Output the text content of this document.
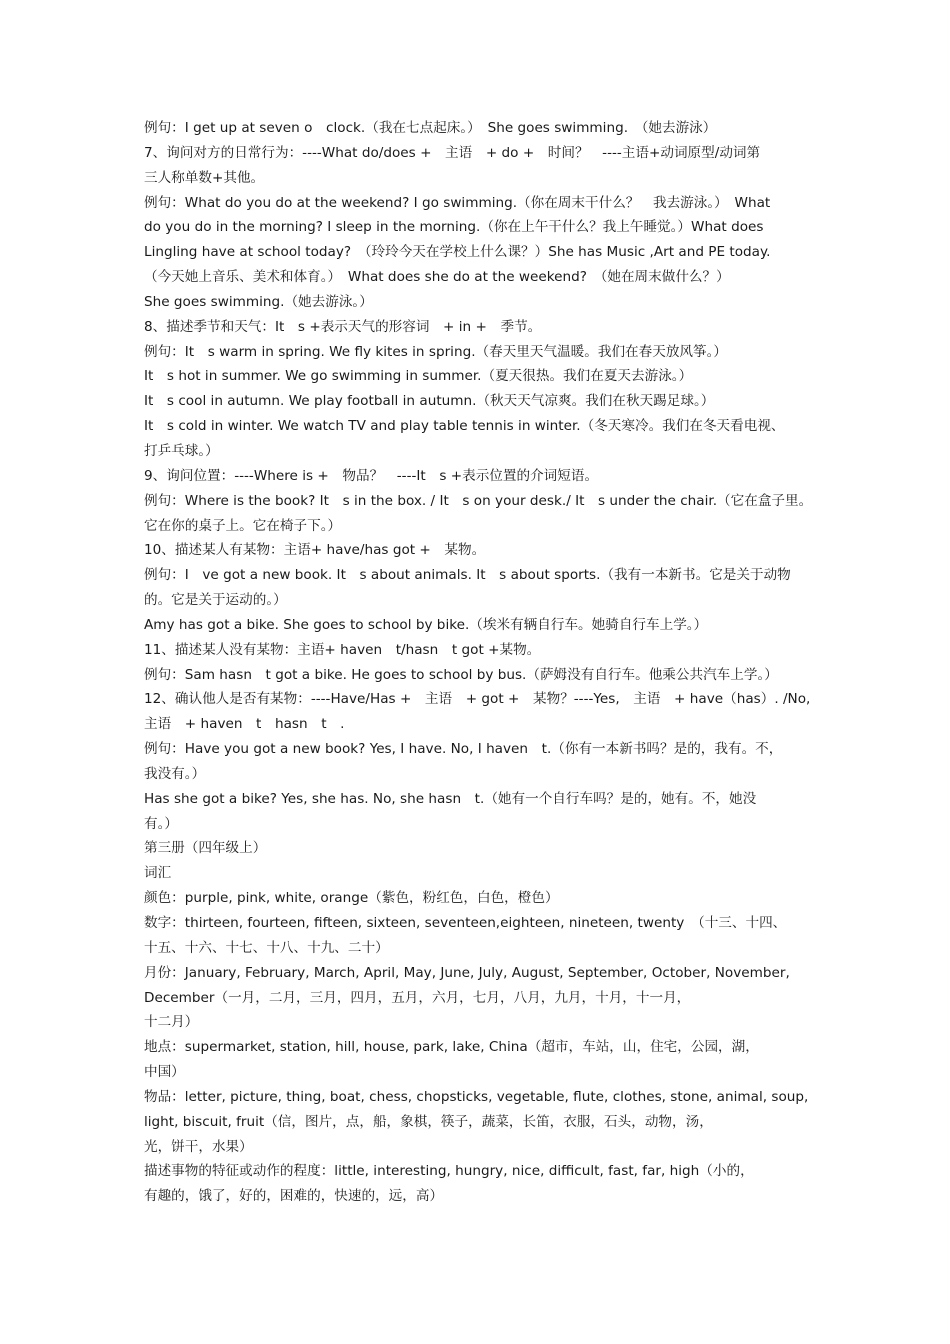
例句：I get up at seven o　clock.（我在七点起床。）　She goes swimming.　（她去游泳）
7、询问对方的日常行为：----What do/does +　主语　+ do +　时间？　----主语+动词原型/动词第
三人称单数+其他。
例句：What do you do at the weekend? I go swimming.（你在周末干什么？　我去游泳。）　What
do you do in the morning? I sleep in the morning.（你在上午干什么？我上午睡觉。）What does
Lingling have at school today?　（玲玲今天在学校上什么课？）She has Music ,Art and PE today.
（今天她上音乐、美术和体育。）　What does she do at the weekend?　（她在周末做什么？）
She goes swimming.（她去游泳。）
8、描述季节和天气：It　s +表示天气的形容词　+ in +　季节。
例句：It　s warm in spring. We fly kites in spring.（春天里天气温暖。我们在春天放风筝。）
It　s hot in summer. We go swimming in summer.（夏天很热。我们在夏天去游泳。）
It　s cool in autumn. We play football in autumn.（秋天天气凉爽。我们在秋天踢足球。）
It　s cold in winter. We watch TV and play table tennis in winter.（冬天寒冷。我们在冬天看电视、
打乒乓球。）
9、询问位置：----Where is +　物品？　----It　s +表示位置的介词短语。
例句：Where is the book? It　s in the box. / It　s on your desk./ It　s under the chair.（它在盒子里。
它在你的桌子上。它在椅子下。）
10、描述某人有某物：主语+ have/has got +　某物。
例句：I　ve got a new book. It　s about animals. It　s about sports.（我有一本新书。它是关于动物
的。它是关于运动的。）
Amy has got a bike. She goes to school by bike.（埃米有辆自行车。她骑自行车上学。）
11、描述某人没有某物：主语+ haven　t/hasn　t got +某物。
例句：Sam hasn　t got a bike. He goes to school by bus.（萨姆没有自行车。他乘公共汽车上学。）
12、确认他人是否有某物：----Have/Has +　主语　+ got +　某物？----Yes,　主语　+ have（has）. /No,
主语　+ haven　t　hasn　t　.
例句：Have you got a new book? Yes, I have. No, I haven　t.（你有一本新书吗？是的，我有。不，
我没有。）
Has she got a bike? Yes, she has. No, she hasn　t.（她有一个自行车吗？是的，她有。不，她没
有。）
第三册（四年级上）
词汇
颜色：purple, pink, white, orange（紫色，粉红色，白色，橙色）
数字：thirteen, fourteen, fifteen, sixteen, seventeen,eighteen, nineteen, twenty　（十三、十四、
十五、十六、十七、十八、十九、二十）
月份：January, February, March, April, May, June, July, August, September, October, November,
December（一月，二月，三月，四月，五月，六月，七月，八月，九月，十月，十一月，
十二月）
地点：supermarket, station, hill, house, park, lake, China（超市，车站，山，住宅，公园，湖，
中国）
物品：letter, picture, thing, boat, chess, chopsticks, vegetable, flute, clothes, stone, animal, soup,
light, biscuit, fruit（信，图片，点，船，象棋，筷子，蔬菜，长笛，衣服，石头，动物，汤，
光，饼干，水果）
描述事物的特征或动作的程度：little, interesting, hungry, nice, difficult, fast, far, high（小的，
有趣的，饿了，好的，困难的，快速的，远，高）
